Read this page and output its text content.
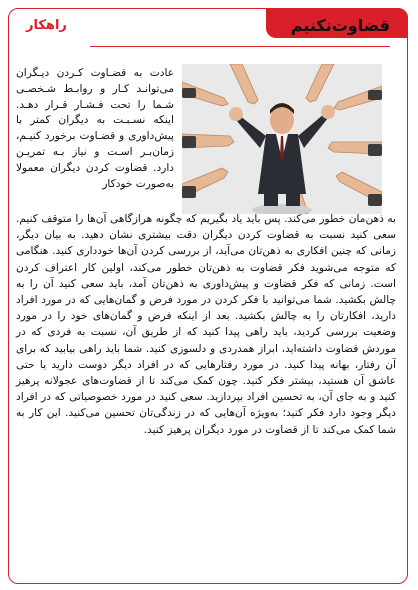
قضاوت‌نکنیم
راهکار
عادت به قضـاوت کـردن دیـگران می‌توانـد کـار و روابـط شـخصـی شـما را تحت فـشـار قـرار دهـد. اینکه نسـبـت به دیگران کمتر با پیش‌داوری و قضـاوت برخورد کنیـم، زمان‌بـر اسـت و نیاز بـه تمریـن دارد. قضاوت کردن دیگران معمولا به‌صورت خودکار
به ذهن‌مان خطور می‌کند. پس باید یاد بگیریم که چگونه هرازگاهی آن‌ها را متوقف کنیم. سعی کنید نسبت به قضاوت کردن دیگران دقت بیشتری نشان دهید. به بیان دیگر، زمانی که چنین افکاری به ذهن‌تان می‌آید، از بررسی کردن آن‌ها خودداری کنید. هنگامی که متوجه می‌شوید فکر قضاوت به ذهن‌تان خطور می‌کند، اولین کار اعتراف کردن است. زمانی که فکر قضاوت و پیش‌داوری به ذهن‌تان آمد، باید سعی کنید آن را به چالش بکشید. شما می‌توانید با فکر کردن در مورد فرض و گمان‌هایی که در مورد افراد دارید، افکارتان را به چالش بکشید. بعد از اینکه فرض و گمان‌های خود را در مورد وضعیت بررسی کردید، باید راهی پیدا کنید که از طریق آن، نسبت به فردی که در موردش قضاوت داشته‌اید، ابراز همدردی و دلسوزی کنید. شما باید راهی بیابید که برای آن رفتار، بهانه پیدا کنید. در مورد رفتارهایی که در افراد دیگر دوست دارید یا حتی عاشق آن هستید، بیشتر فکر کنید. چون کمک می‌کند تا از قضاوت‌های عجولانه پرهیز کنید و به جای آن، به تحسین افراد بپردازید. سعی کنید در مورد خصوصیاتی که در افراد دیگر وجود دارد فکر کنید؛ به‌ویژه آن‌هایی که در زندگی‌تان تحسین می‌کنید. این کار به شما کمک می‌کند تا از قضاوت در مورد دیگران پرهیز کنید.
